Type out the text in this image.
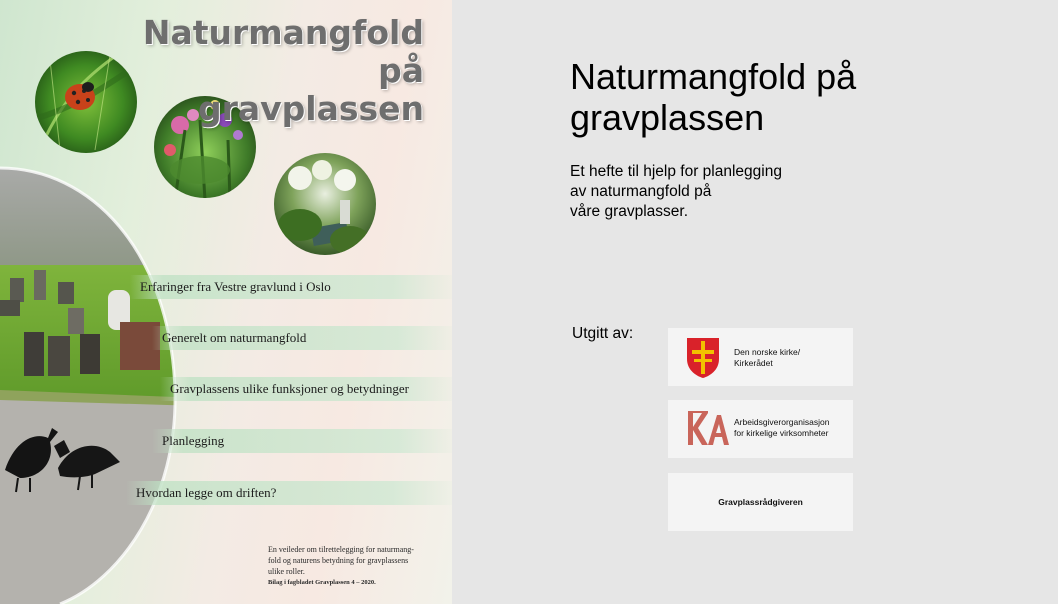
Naturmangfold på
gravplassen
Erfaringer fra Vestre gravlund i Oslo
Generelt om naturmangfold
Gravplassens ulike funksjoner og betydninger
Planlegging
Hvordan legge om driften?
En veileder om tilrettelegging for naturmang-
fold og naturens betydning for gravplassens
ulike roller.
Bilag i fagbladet Gravplassen 4 – 2020.
Naturmangfold på
gravplassen
Et hefte til hjelp for planlegging
av naturmangfold på
våre gravplasser.
Utgitt av:
Den norske kirke/
Kirkerådet
Arbeidsgiverorganisasjon
for kirkelige virksomheter
Gravplassrådgiveren
